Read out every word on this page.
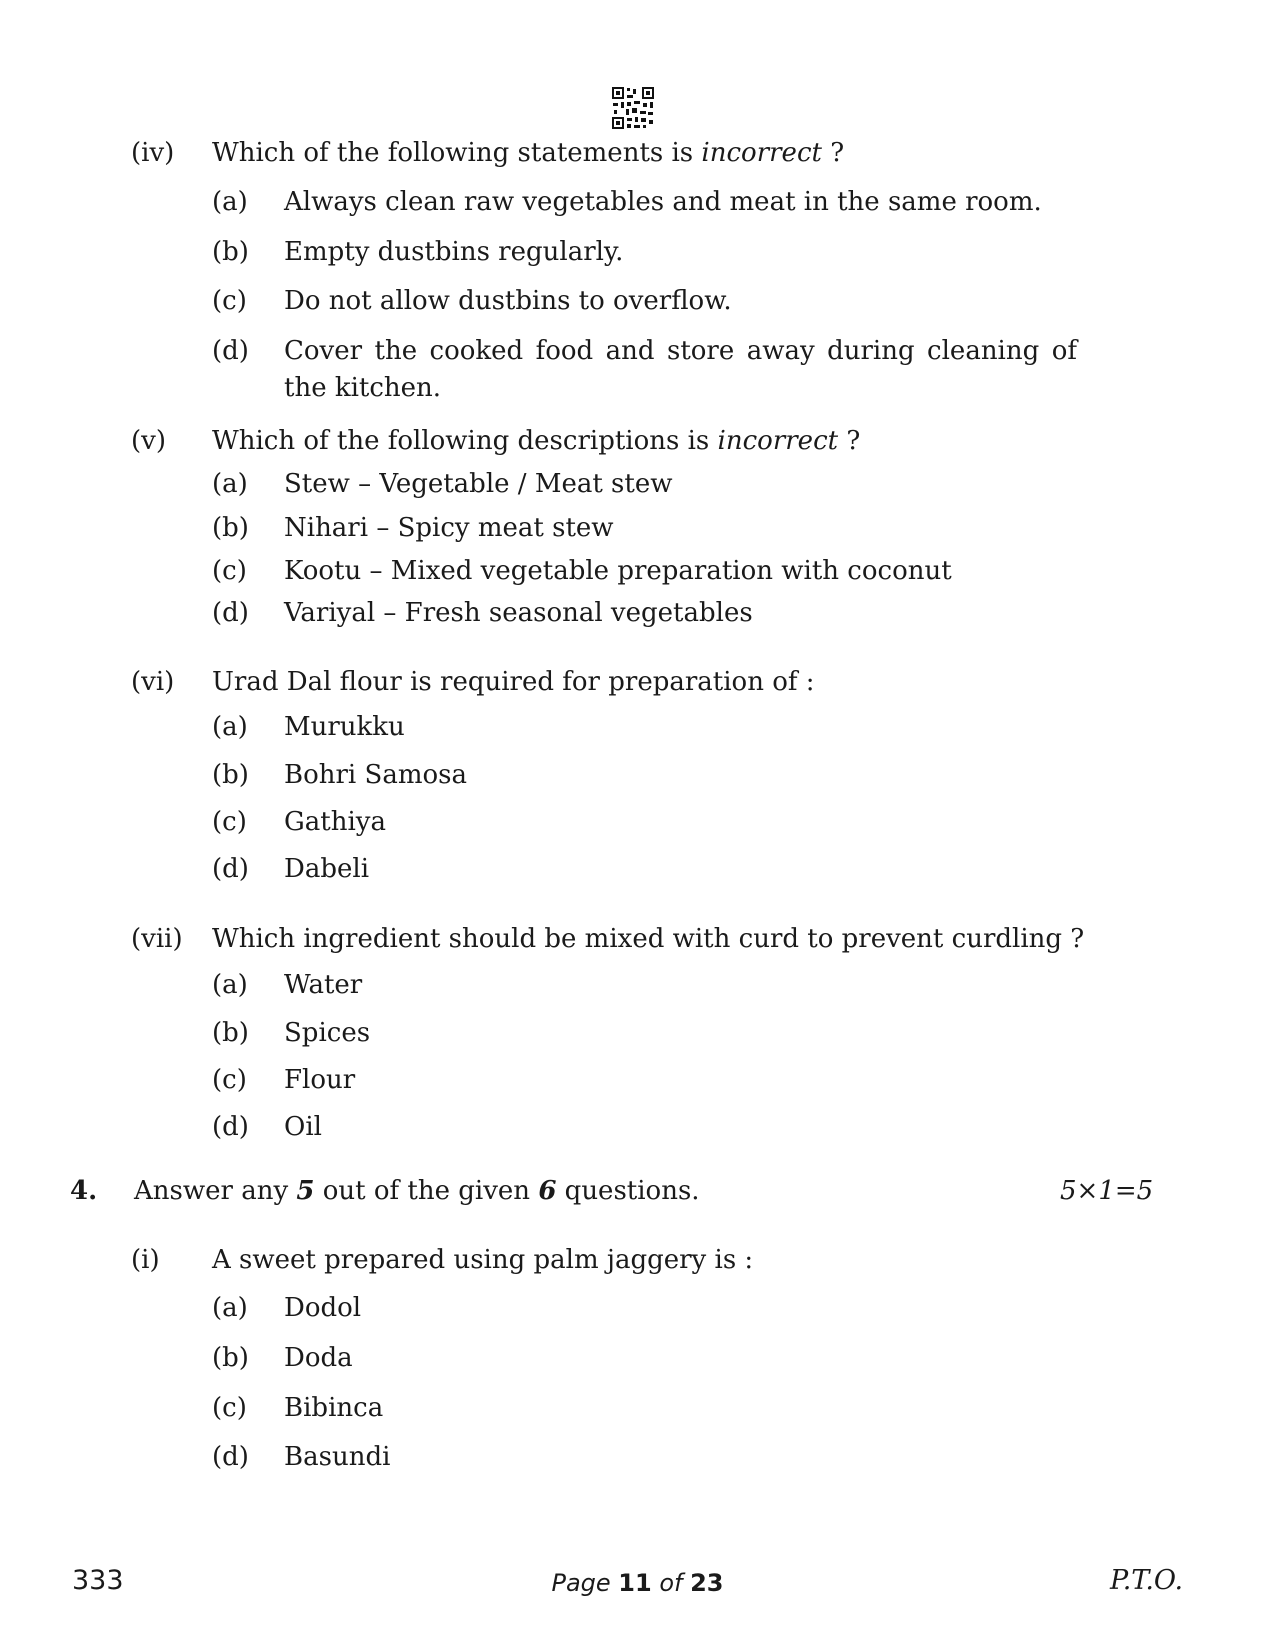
(iv) Which of the following statements is incorrect ?
(a) Always clean raw vegetables and meat in the same room.
(b) Empty dustbins regularly.
(c) Do not allow dustbins to overflow.
(d) Cover the cooked food and store away during cleaning of the kitchen.
(v) Which of the following descriptions is incorrect ?
(a) Stew – Vegetable / Meat stew
(b) Nihari – Spicy meat stew
(c) Kootu – Mixed vegetable preparation with coconut
(d) Variyal – Fresh seasonal vegetables
(vi) Urad Dal flour is required for preparation of :
(a) Murukku
(b) Bohri Samosa
(c) Gathiya
(d) Dabeli
(vii) Which ingredient should be mixed with curd to prevent curdling ?
(a) Water
(b) Spices
(c) Flour
(d) Oil
4. Answer any 5 out of the given 6 questions.	5×1=5
(i) A sweet prepared using palm jaggery is :
(a) Dodol
(b) Doda
(c) Bibinca
(d) Basundi
333	Page 11 of 23	P.T.O.
